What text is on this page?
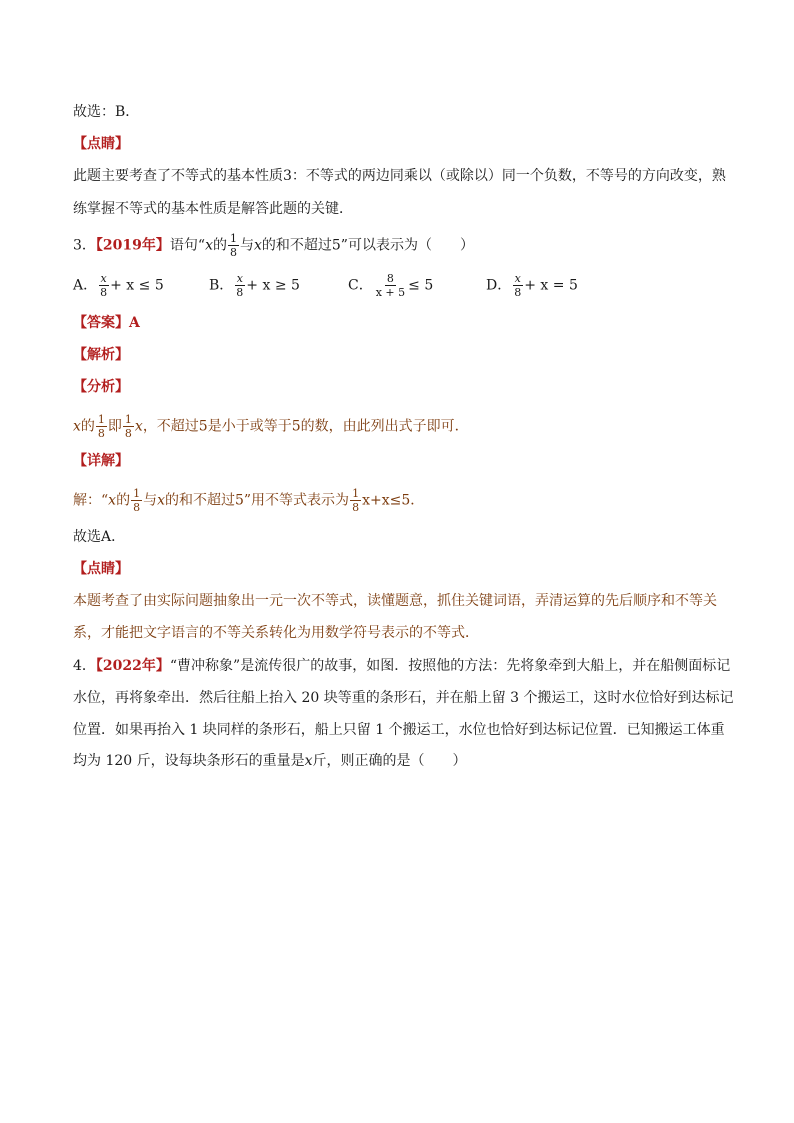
故选：B．
【点睛】
此题主要考查了不等式的基本性质3：不等式的两边同乘以（或除以）同一个负数，不等号的方向改变，熟
练掌握不等式的基本性质是解答此题的关键．
3．【2019年】语句“x的 $\frac{1}{8}$ 与x的和不超过5”可以表示为（　　）
A． $\frac{x}{8} + x \le 5$	B． $\frac{x}{8} + x \ge 5$	C． $\frac{8}{x + 5} \le 5$	D． $\frac{x}{8} + x = 5$
【答案】A
【解析】
【分析】
x的 $\frac{1}{8}$ 即 $\frac{1}{8}$ x，不超过5是小于或等于5的数，由此列出式子即可．
【详解】
解：“x的 $\frac{1}{8}$ 与x的和不超过5”用不等式表示为 $\frac{1}{8} x+x\le 5$．
故选A．
【点睛】
本题考查了由实际问题抽象出一元一次不等式，读懂题意，抓住关键词语，弄清运算的先后顺序和不等关
系，才能把文字语言的不等关系转化为用数学符号表示的不等式．
4．【2022年】“曹冲称象”是流传很广的故事，如图．按照他的方法：先将象牵到大船上，并在船侧面标记
水位，再将象牵出．然后往船上抬入 20 块等重的条形石，并在船上留 3 个搬运工，这时水位恰好到达标记
位置．如果再抬入 1 块同样的条形石，船上只留 1 个搬运工，水位也恰好到达标记位置．已知搬运工体重
均为 120 斤，设每块条形石的重量是x斤，则正确的是（　　）
